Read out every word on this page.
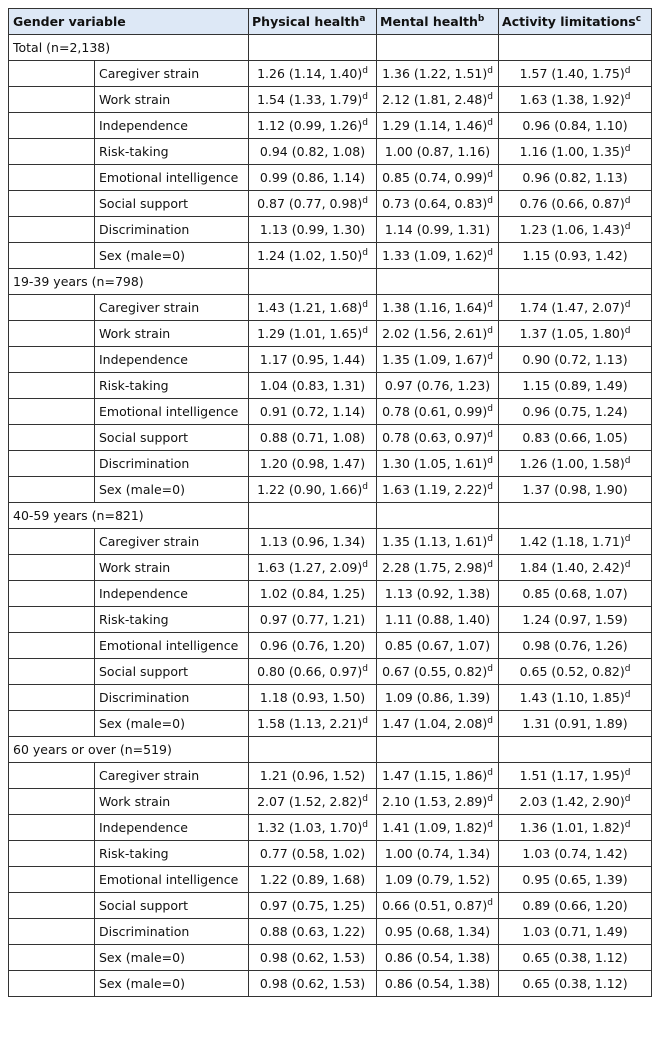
Gender variable		Physical health$^a$	Mental health$^b$	Activity limitations$^c$
Total (n=2,138)				
	Caregiver strain	1.26 (1.14, 1.40)$^d$	1.36 (1.22, 1.51)$^d$	1.57 (1.40, 1.75)$^d$
	Work strain	1.54 (1.33, 1.79)$^d$	2.12 (1.81, 2.48)$^d$	1.63 (1.38, 1.92)$^d$
	Independence	1.12 (0.99, 1.26)$^d$	1.29 (1.14, 1.46)$^d$	0.96 (0.84, 1.10)
	Risk-taking	0.94 (0.82, 1.08)	1.00 (0.87, 1.16)	1.16 (1.00, 1.35)$^d$
	Emotional intelligence	0.99 (0.86, 1.14)	0.85 (0.74, 0.99)$^d$	0.96 (0.82, 1.13)
	Social support	0.87 (0.77, 0.98)$^d$	0.73 (0.64, 0.83)$^d$	0.76 (0.66, 0.87)$^d$
	Discrimination	1.13 (0.99, 1.30)	1.14 (0.99, 1.31)	1.23 (1.06, 1.43)$^d$
	Sex (male=0)	1.24 (1.02, 1.50)$^d$	1.33 (1.09, 1.62)$^d$	1.15 (0.93, 1.42)
19-39 years (n=798)				
	Caregiver strain	1.43 (1.21, 1.68)$^d$	1.38 (1.16, 1.64)$^d$	1.74 (1.47, 2.07)$^d$
	Work strain	1.29 (1.01, 1.65)$^d$	2.02 (1.56, 2.61)$^d$	1.37 (1.05, 1.80)$^d$
	Independence	1.17 (0.95, 1.44)	1.35 (1.09, 1.67)$^d$	0.90 (0.72, 1.13)
	Risk-taking	1.04 (0.83, 1.31)	0.97 (0.76, 1.23)	1.15 (0.89, 1.49)
	Emotional intelligence	0.91 (0.72, 1.14)	0.78 (0.61, 0.99)$^d$	0.96 (0.75, 1.24)
	Social support	0.88 (0.71, 1.08)	0.78 (0.63, 0.97)$^d$	0.83 (0.66, 1.05)
	Discrimination	1.20 (0.98, 1.47)	1.30 (1.05, 1.61)$^d$	1.26 (1.00, 1.58)$^d$
	Sex (male=0)	1.22 (0.90, 1.66)$^d$	1.63 (1.19, 2.22)$^d$	1.37 (0.98, 1.90)
40-59 years (n=821)				
	Caregiver strain	1.13 (0.96, 1.34)	1.35 (1.13, 1.61)$^d$	1.42 (1.18, 1.71)$^d$
	Work strain	1.63 (1.27, 2.09)$^d$	2.28 (1.75, 2.98)$^d$	1.84 (1.40, 2.42)$^d$
	Independence	1.02 (0.84, 1.25)	1.13 (0.92, 1.38)	0.85 (0.68, 1.07)
	Risk-taking	0.97 (0.77, 1.21)	1.11 (0.88, 1.40)	1.24 (0.97, 1.59)
	Emotional intelligence	0.96 (0.76, 1.20)	0.85 (0.67, 1.07)	0.98 (0.76, 1.26)
	Social support	0.80 (0.66, 0.97)$^d$	0.67 (0.55, 0.82)$^d$	0.65 (0.52, 0.82)$^d$
	Discrimination	1.18 (0.93, 1.50)	1.09 (0.86, 1.39)	1.43 (1.10, 1.85)$^d$
	Sex (male=0)	1.58 (1.13, 2.21)$^d$	1.47 (1.04, 2.08)$^d$	1.31 (0.91, 1.89)
60 years or over (n=519)				
	Caregiver strain	1.21 (0.96, 1.52)	1.47 (1.15, 1.86)$^d$	1.51 (1.17, 1.95)$^d$
	Work strain	2.07 (1.52, 2.82)$^d$	2.10 (1.53, 2.89)$^d$	2.03 (1.42, 2.90)$^d$
	Independence	1.32 (1.03, 1.70)$^d$	1.41 (1.09, 1.82)$^d$	1.36 (1.01, 1.82)$^d$
	Risk-taking	0.77 (0.58, 1.02)	1.00 (0.74, 1.34)	1.03 (0.74, 1.42)
	Emotional intelligence	1.22 (0.89, 1.68)	1.09 (0.79, 1.52)	0.95 (0.65, 1.39)
	Social support	0.97 (0.75, 1.25)	0.66 (0.51, 0.87)$^d$	0.89 (0.66, 1.20)
	Discrimination	0.88 (0.63, 1.22)	0.95 (0.68, 1.34)	1.03 (0.71, 1.49)
	Sex (male=0)	0.98 (0.62, 1.53)	0.86 (0.54, 1.38)	0.65 (0.38, 1.12)
	Sex (male=0)	0.98 (0.62, 1.53)	0.86 (0.54, 1.38)	0.65 (0.38, 1.12)
